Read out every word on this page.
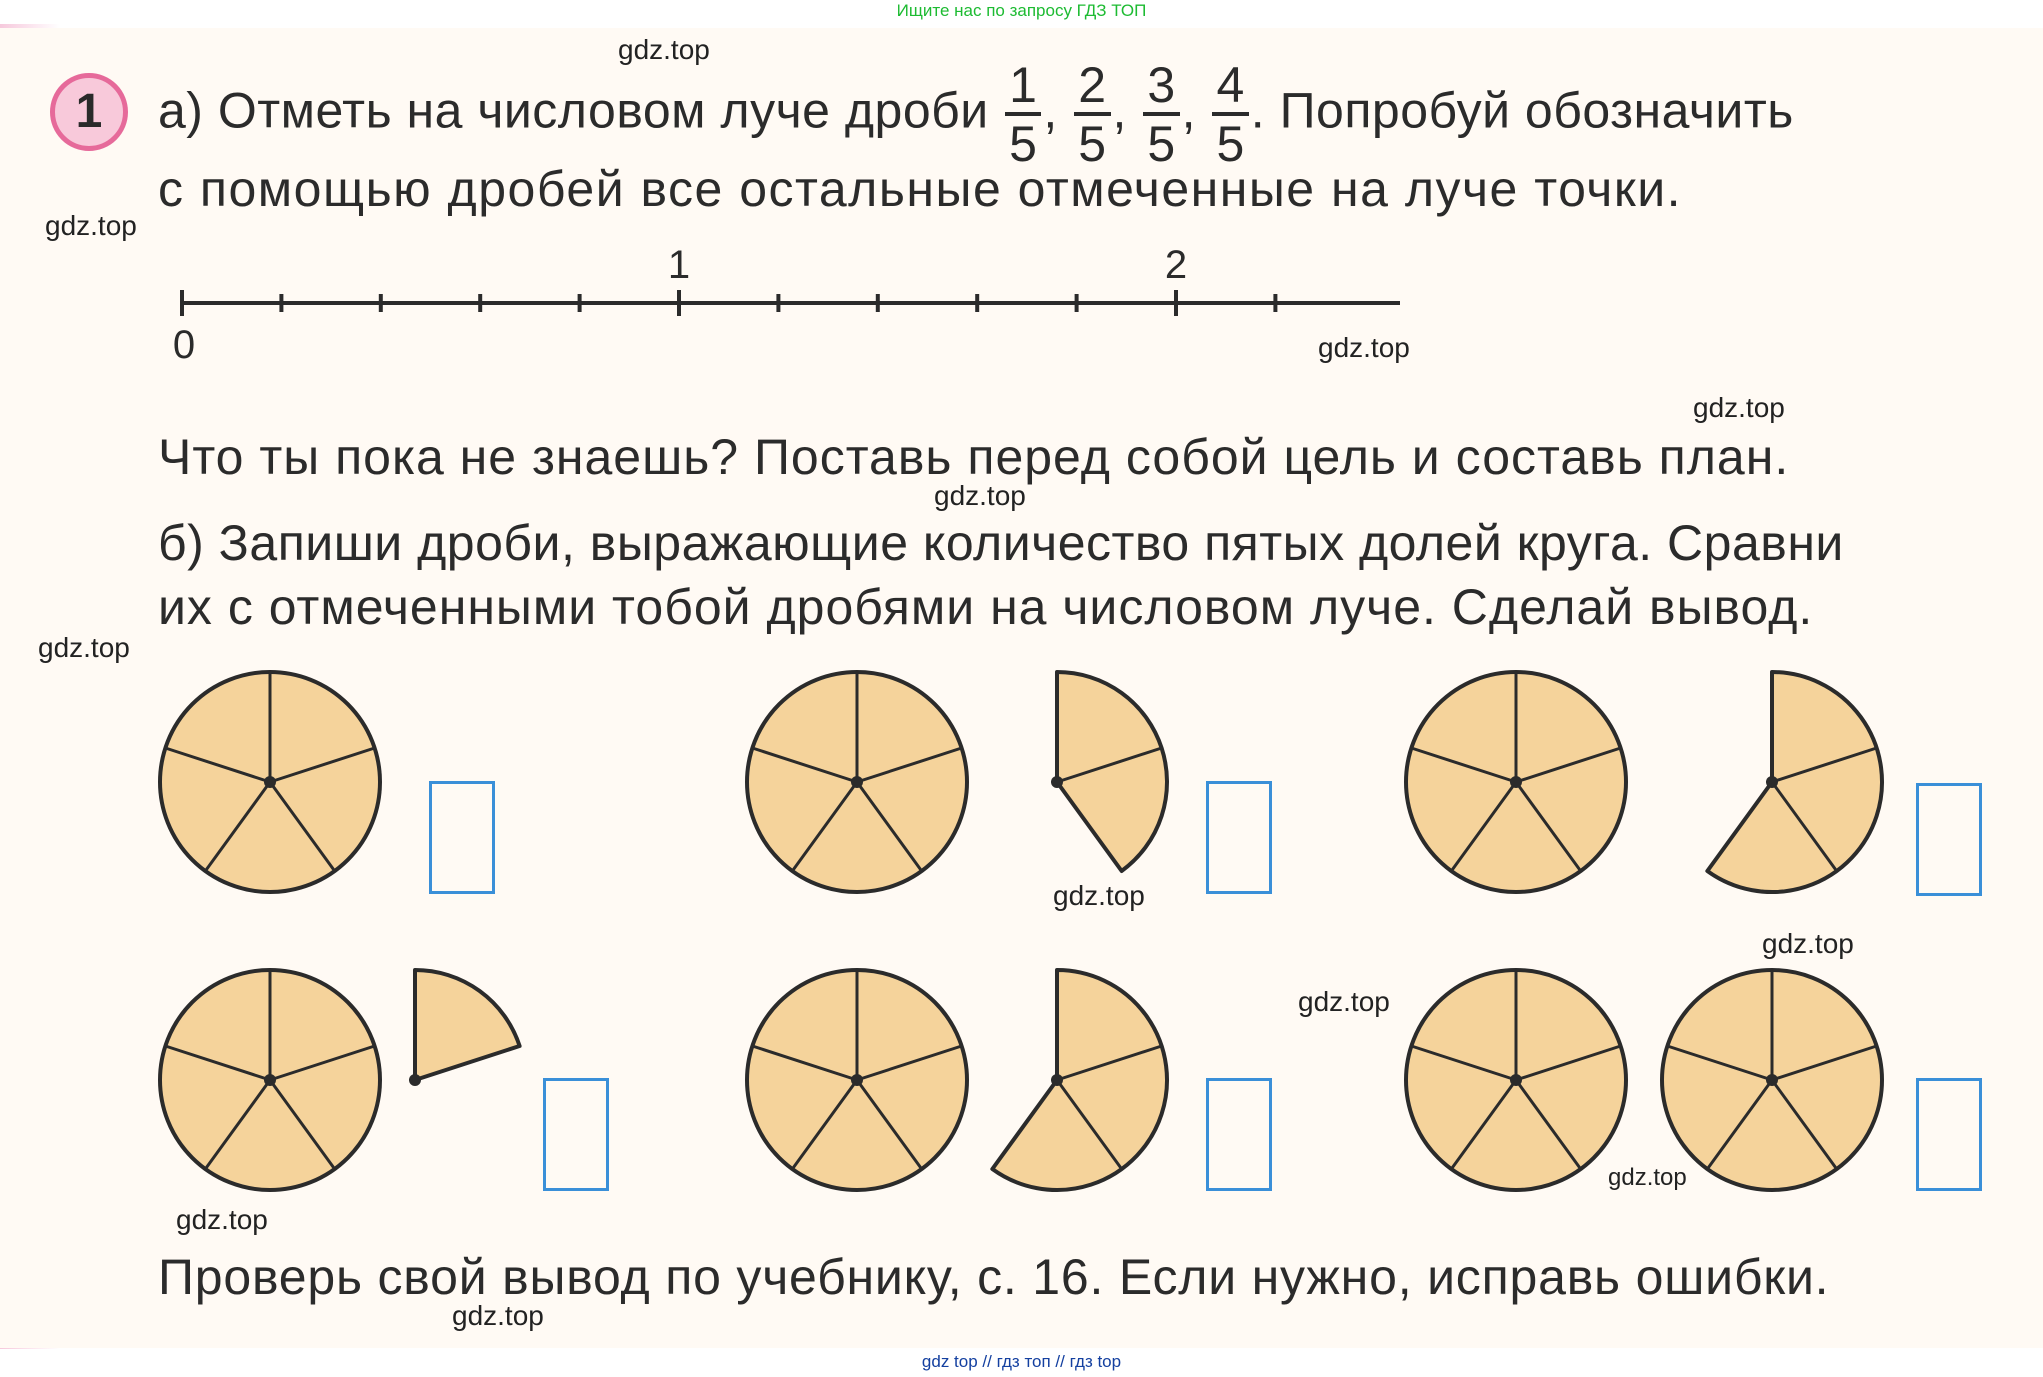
Ищите нас по запросу ГДЗ ТОП
1	а) Отметь на числовом луче дроби $\frac{1}{5}$ , $\frac{2}{5}$ , $\frac{3}{5}$ , $\frac{4}{5}$ . Попробуй обозначить
с помощью дробей все остальные отмеченные на луче точки.
0
1	2
Что ты пока не знаешь? Поставь перед собой цель и составь план.
б) Запиши дроби, выражающие количество пятых долей круга. Сравни
их с отмеченными тобой дробями на числовом луче. Сделай вывод.
Проверь свой вывод по учебнику, с. 16. Если нужно, исправь ошибки.
gdz.top
gdz.top
gdz.top
gdz.top
gdz.top
gdz.top
gdz.top
gdz.top
gdz.top
gdz.top
gdz.top
gdz.top
gdz top // гдз топ // гдз top
